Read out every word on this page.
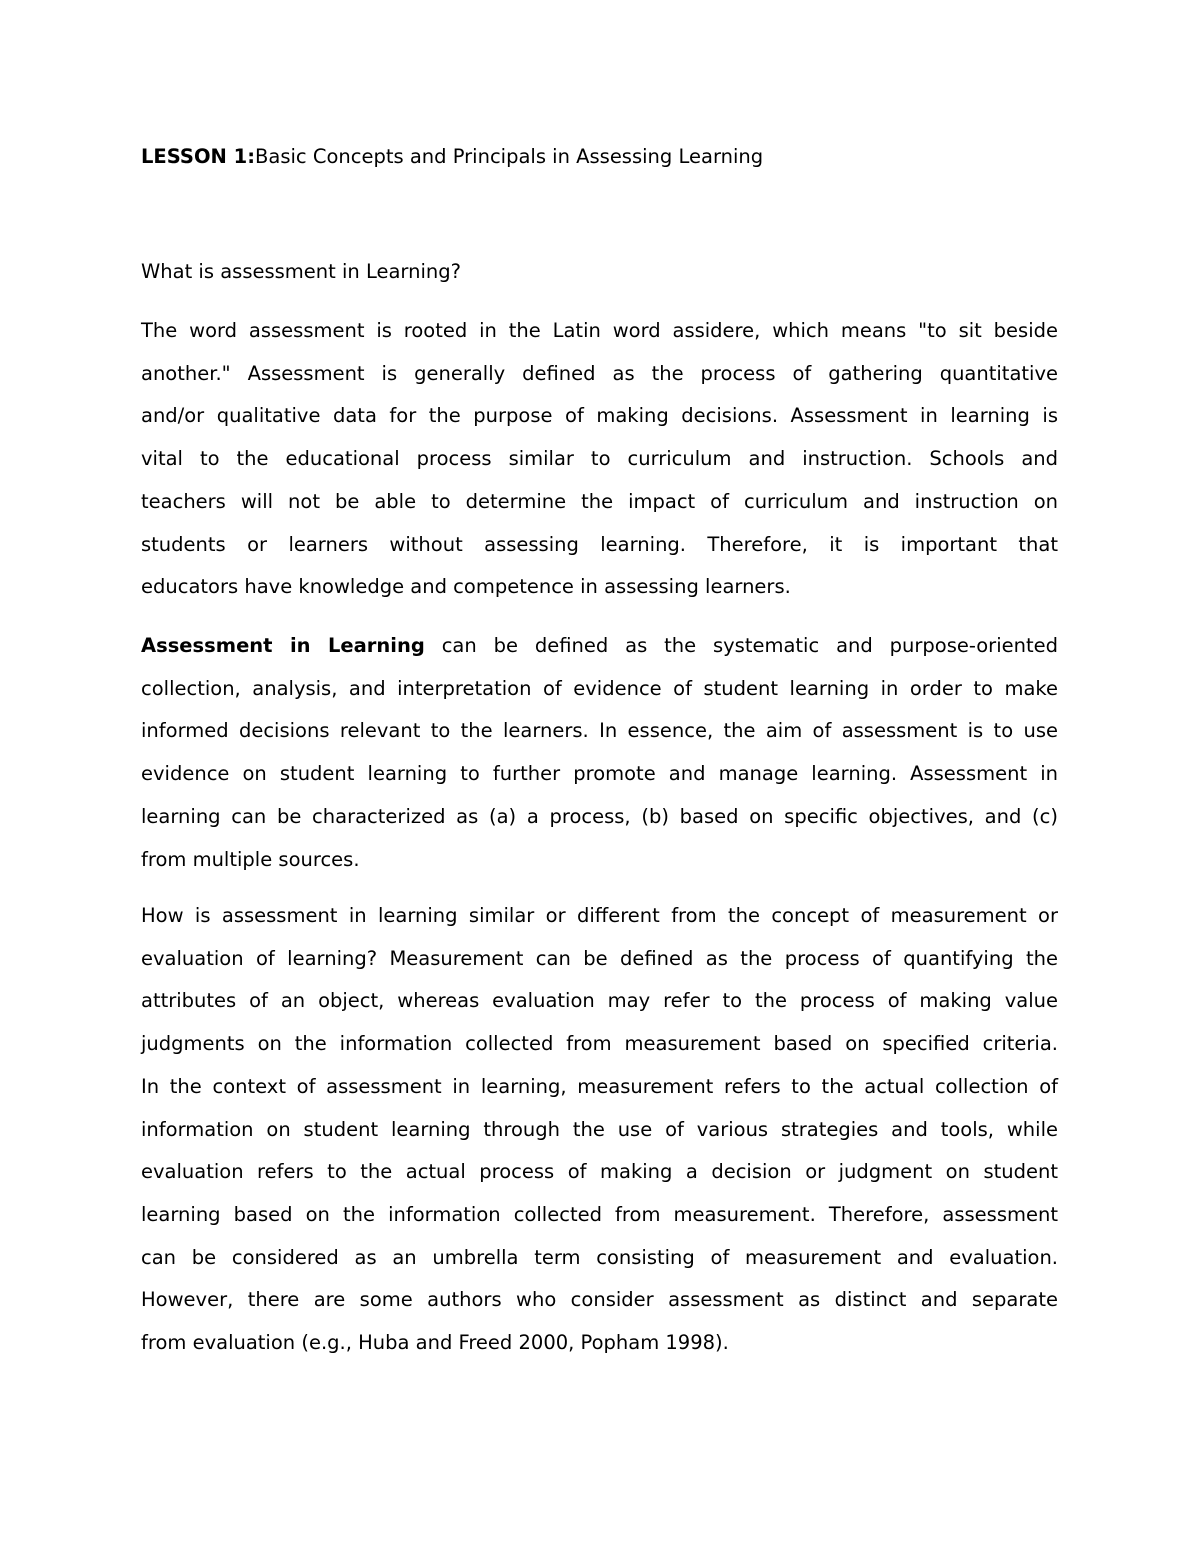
LESSON 1:Basic Concepts and Principals in Assessing Learning
What is assessment in Learning?
The word assessment is rooted in the Latin word assidere, which means "to sit beside
another." Assessment is generally defined as the process of gathering quantitative
and/or qualitative data for the purpose of making decisions. Assessment in learning is
vital to the educational process similar to curriculum and instruction. Schools and
teachers will not be able to determine the impact of curriculum and instruction on
students or learners without assessing learning. Therefore, it is important that
educators have knowledge and competence in assessing learners.
Assessment in Learning can be defined as the systematic and purpose-oriented
collection, analysis, and interpretation of evidence of student learning in order to make
informed decisions relevant to the learners. In essence, the aim of assessment is to use
evidence on student learning to further promote and manage learning. Assessment in
learning can be characterized as (a) a process, (b) based on specific objectives, and (c)
from multiple sources.
How is assessment in learning similar or different from the concept of measurement or
evaluation of learning? Measurement can be defined as the process of quantifying the
attributes of an object, whereas evaluation may refer to the process of making value
judgments on the information collected from measurement based on specified criteria.
In the context of assessment in learning, measurement refers to the actual collection of
information on student learning through the use of various strategies and tools, while
evaluation refers to the actual process of making a decision or judgment on student
learning based on the information collected from measurement. Therefore, assessment
can be considered as an umbrella term consisting of measurement and evaluation.
However, there are some authors who consider assessment as distinct and separate
from evaluation (e.g., Huba and Freed 2000, Popham 1998).
